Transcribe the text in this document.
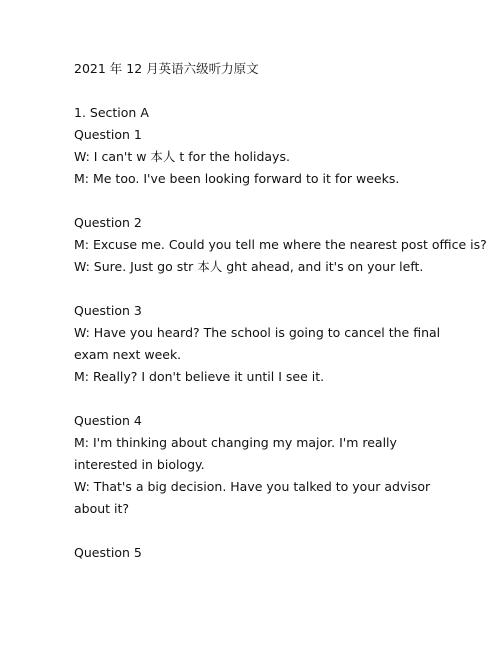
2021 年 12 月英语六级听力原文

1. Section A

Question 1

W: I can't w 本人 t for the holidays.

M: Me too. I've been looking forward to it for weeks.

Question 2

M: Excuse me. Could you tell me where the nearest post office is?

W: Sure. Just go str 本人 ght ahead, and it's on your left.

Question 3

W: Have you heard? The school is going to cancel the final exam next week.

M: Really? I don't believe it until I see it.

Question 4

M: I'm thinking about changing my major. I'm really interested in biology.

W: That's a big decision. Have you talked to your advisor about it?

Question 5
